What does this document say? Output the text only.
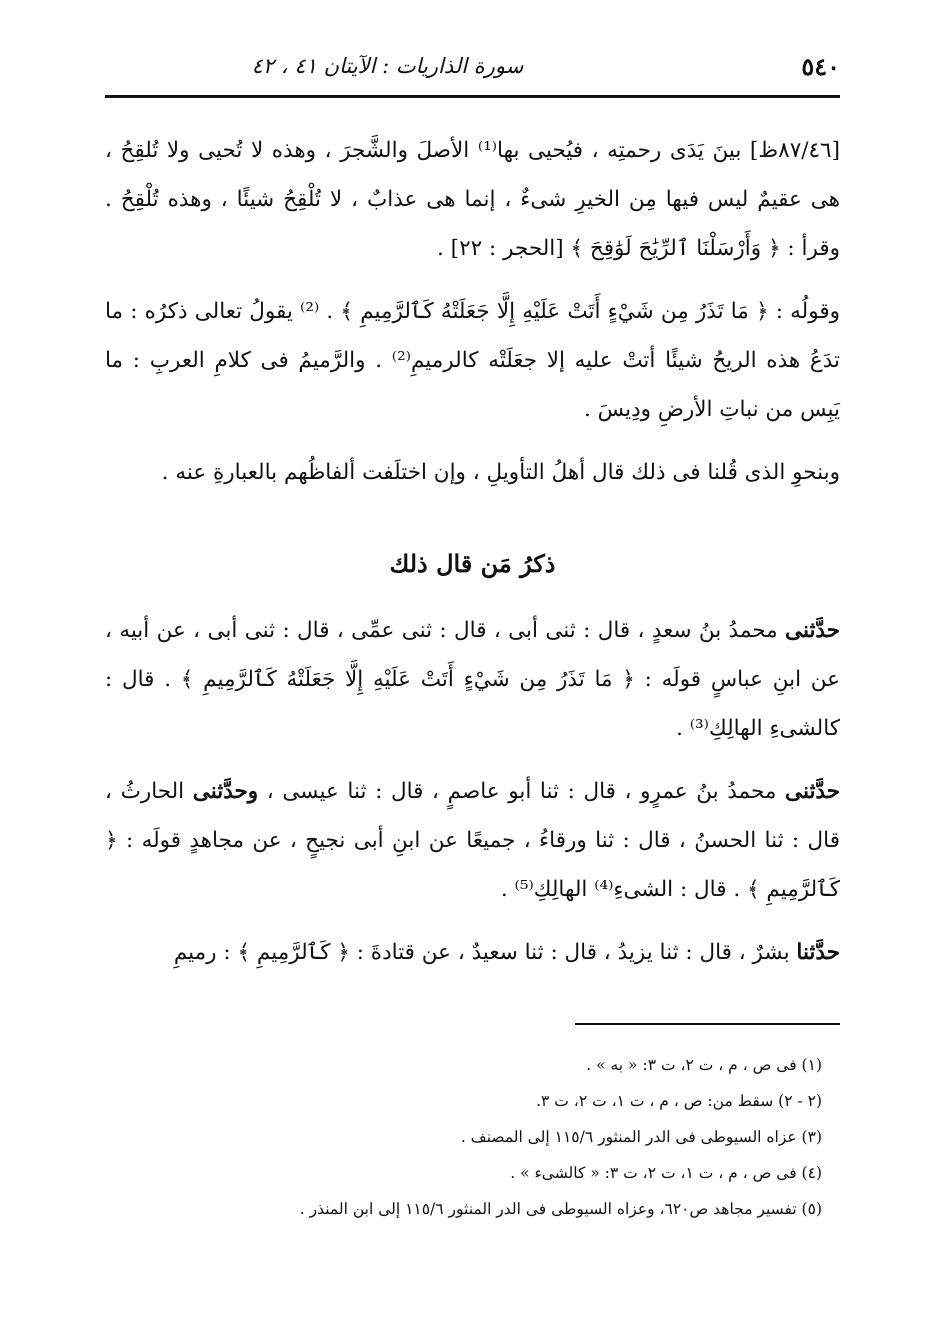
٥٤٠
سورة الذاريات : الآيتان ٤١ ، ٤٢

[٨٧/٤٦ظ] بينَ يَدَى رحمتِه ، فيُحيى بها⁽¹⁾ الأصلَ والشَّجرَ ، وهذه لا تُحيى ولا تُلقِحُ ، هى عقيمٌ ليس فيها مِن الخيرِ شىءٌ ، إنما هى عذابٌ ، لا تُلْقِحُ شيئًا ، وهذه تُلْقِحُ . وقرأ : ﴿ وَأَرْسَلْنَا ٱلرِّيَٰحَ لَوَٰقِحَ ﴾ [الحجر : ٢٢] .

وقولُه : ﴿ مَا تَذَرُ مِن شَيْءٍ أَتَتْ عَلَيْهِ إِلَّا جَعَلَتْهُ كَٱلرَّمِيمِ ﴾ . ⁽²⁾ يقولُ تعالى ذكرُه : ما تدَعُ هذه الريحُ شيئًا أتتْ عليه إلا جعَلَتْه كالرميمِ⁽²⁾ . والرَّميمُ فى كلامِ العربِ : ما يَبِس من نباتِ الأرضِ ودِيسَ .

وبنحوِ الذى قُلنا فى ذلك قال أهلُ التأويلِ ، وإن اختلَفت ألفاظُهم بالعبارةِ عنه .

ذكرُ مَن قال ذلك

حدَّثنى محمدُ بنُ سعدٍ ، قال : ثنى أبى ، قال : ثنى عمِّى ، قال : ثنى أبى ، عن أبيه ، عن ابنِ عباسٍ قولَه : ﴿ مَا تَذَرُ مِن شَيْءٍ أَتَتْ عَلَيْهِ إِلَّا جَعَلَتْهُ كَٱلرَّمِيمِ ﴾ . قال : كالشىءِ الهالِكِ⁽³⁾ .

حدَّثنى محمدُ بنُ عمرٍو ، قال : ثنا أبو عاصمٍ ، قال : ثنا عيسى ، وحدَّثنى الحارثُ ، قال : ثنا الحسنُ ، قال : ثنا ورقاءُ ، جميعًا عن ابنِ أبى نجيحٍ ، عن مجاهدٍ قولَه : ﴿ كَٱلرَّمِيمِ ﴾ . قال : الشىءِ⁽⁴⁾ الهالِكِ⁽⁵⁾ .

حدَّثنا بشرٌ ، قال : ثنا يزيدُ ، قال : ثنا سعيدٌ ، عن قتادةَ : ﴿ كَٱلرَّمِيمِ ﴾ : رميمِ

(١) فى ص ، م ، ت ٢، ت ٣: « به » .
(٢ - ٢) سقط من: ص ، م ، ت ١، ت ٢، ت ٣.
(٣) عزاه السيوطى فى الدر المنثور ١١٥/٦ إلى المصنف .
(٤) فى ص ، م ، ت ١، ت ٢، ت ٣: « كالشىء » .
(٥) تفسير مجاهد ص٦٢٠، وعزاه السيوطى فى الدر المنثور ١١٥/٦ إلى ابن المنذر .
